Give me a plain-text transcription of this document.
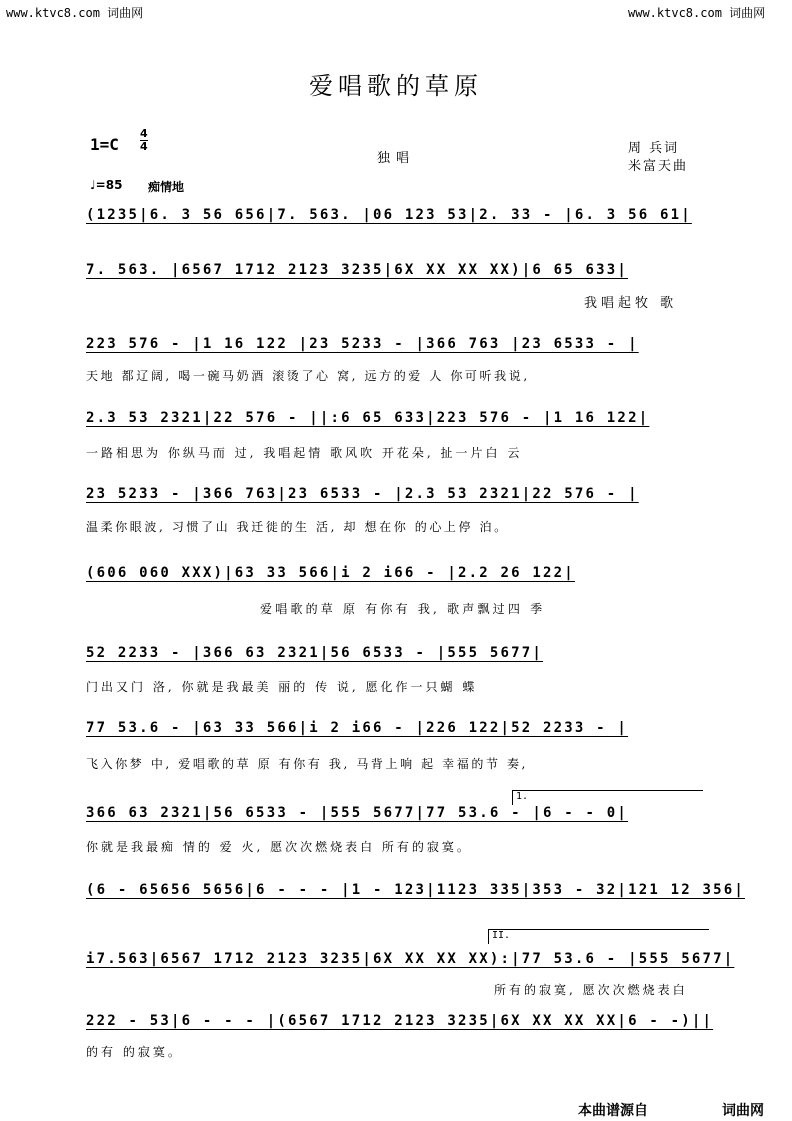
www.ktvc8.com 词曲网	www.ktvc8.com 词曲网
爱唱歌的草原
1=C
4
4
独唱
周 兵词
米富天曲
♩=85 痴情地
(1235|6. 3 56 656|7. 563. |06 123 53|2. 33 - |6. 3 56 61|
7. 563. |6567 1712 2123 3235|6X XX XX XX)|6 65 633|
我唱起牧 歌
223 576 - |1 16 122 |23 5233 - |366 763 |23 6533 - |
天地 都辽阔, 喝一碗马奶酒 滚烫了心 窝, 远方的爱 人 你可听我说,
2.3 53 2321|22 576 - ||:6 65 633|223 576 - |1 16 122|
一路相思为 你纵马而 过, 我唱起情 歌风吹 开花朵, 扯一片白 云
23 5233 - |366 763|23 6533 - |2.3 53 2321|22 576 - |
温柔你眼波, 习惯了山 我迁徙的生 活, 却 想在你 的心上停 泊。
(606 060 XXX)|63 33 566|i 2 i66 - |2.2 26 122|
爱唱歌的草 原 有你有 我, 歌声飘过四 季
52 2233 - |366 63 2321|56 6533 - |555 5677|
门出又门 洛, 你就是我最美 丽的 传 说, 愿化作一只蝴 蝶
77 53.6 - |63 33 566|i 2 i66 - |226 122|52 2233 - |
飞入你梦 中, 爱唱歌的草 原 有你有 我, 马背上响 起 幸福的节 奏,
1.
366 63 2321|56 6533 - |555 5677|77 53.6 - |6 - - 0|
你就是我最痴 情的 爱 火, 愿次次燃烧表白 所有的寂寞。
(6 - 65656 5656|6 - - - |1 - 123|1123 335|353 - 32|121 12 356|
II.
i7.563|6567 1712 2123 3235|6X XX XX XX):|77 53.6 - |555 5677|
所有的寂寞, 愿次次燃烧表白
222 - 53|6 - - - |(6567 1712 2123 3235|6X XX XX XX|6 - -)||
的有 的寂寞。
本曲谱源自	词曲网
